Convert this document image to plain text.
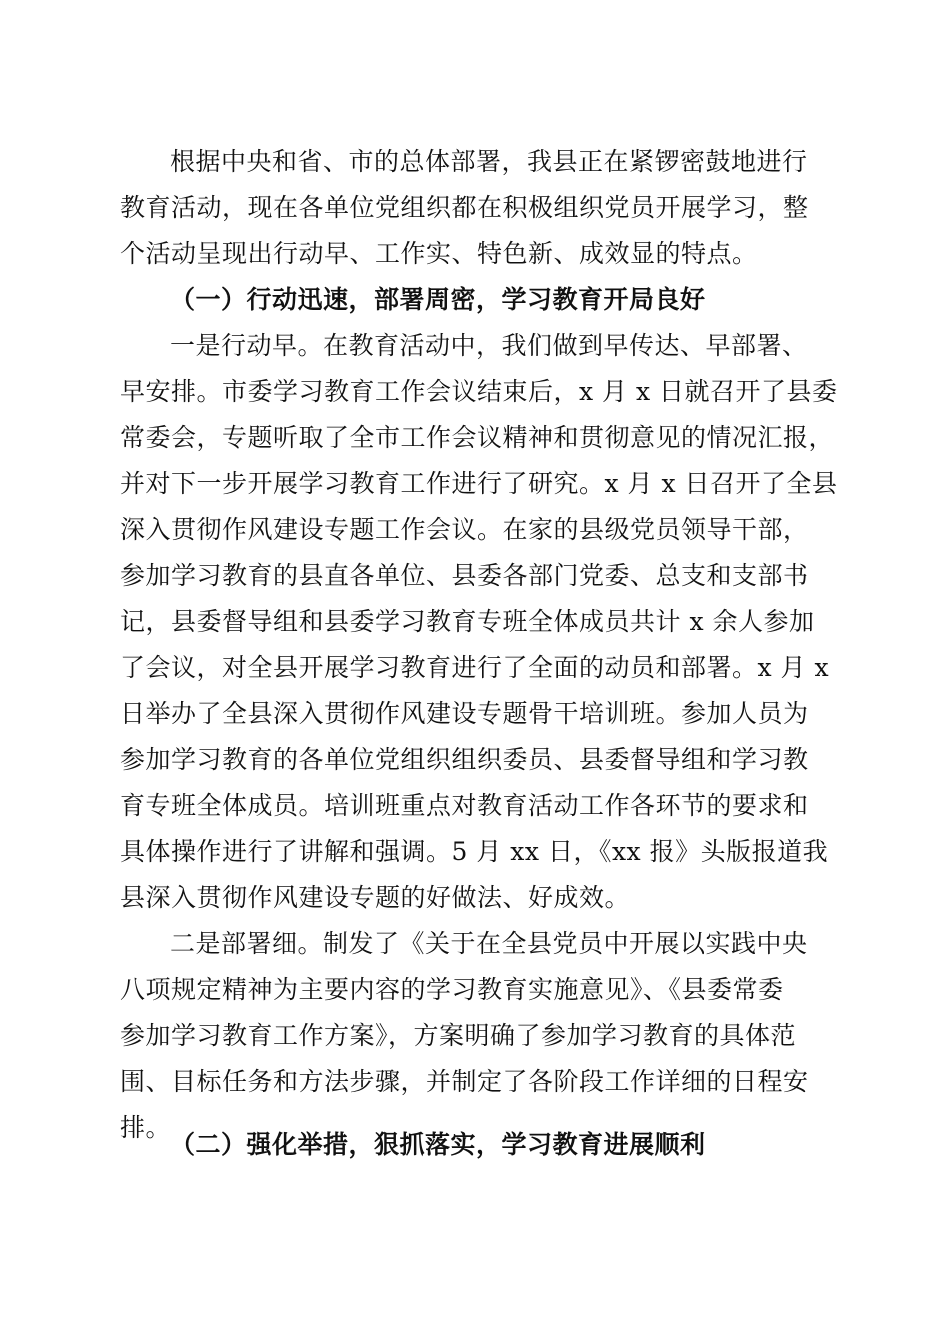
根据中央和省、市的总体部署，我县正在紧锣密鼓地进行
教育活动，现在各单位党组织都在积极组织党员开展学习，整
个活动呈现出行动早、工作实、特色新、成效显的特点。
（一）行动迅速，部署周密，学习教育开局良好
一是行动早。在教育活动中，我们做到早传达、早部署、
早安排。市委学习教育工作会议结束后，x 月 x 日就召开了县委
常委会，专题听取了全市工作会议精神和贯彻意见的情况汇报，
并对下一步开展学习教育工作进行了研究。x 月 x 日召开了全县
深入贯彻作风建设专题工作会议。在家的县级党员领导干部，
参加学习教育的县直各单位、县委各部门党委、总支和支部书
记，县委督导组和县委学习教育专班全体成员共计 x 余人参加
了会议，对全县开展学习教育进行了全面的动员和部署。x 月 x
日举办了全县深入贯彻作风建设专题骨干培训班。参加人员为
参加学习教育的各单位党组织组织委员、县委督导组和学习教
育专班全体成员。培训班重点对教育活动工作各环节的要求和
具体操作进行了讲解和强调。5 月 xx 日，《xx 报》头版报道我
县深入贯彻作风建设专题的好做法、好成效。
二是部署细。制发了《关于在全县党员中开展以实践中央
八项规定精神为主要内容的学习教育实施意见》、《县委常委
参加学习教育工作方案》，方案明确了参加学习教育的具体范
围、目标任务和方法步骤，并制定了各阶段工作详细的日程安
排。
（二）强化举措，狠抓落实，学习教育进展顺利
